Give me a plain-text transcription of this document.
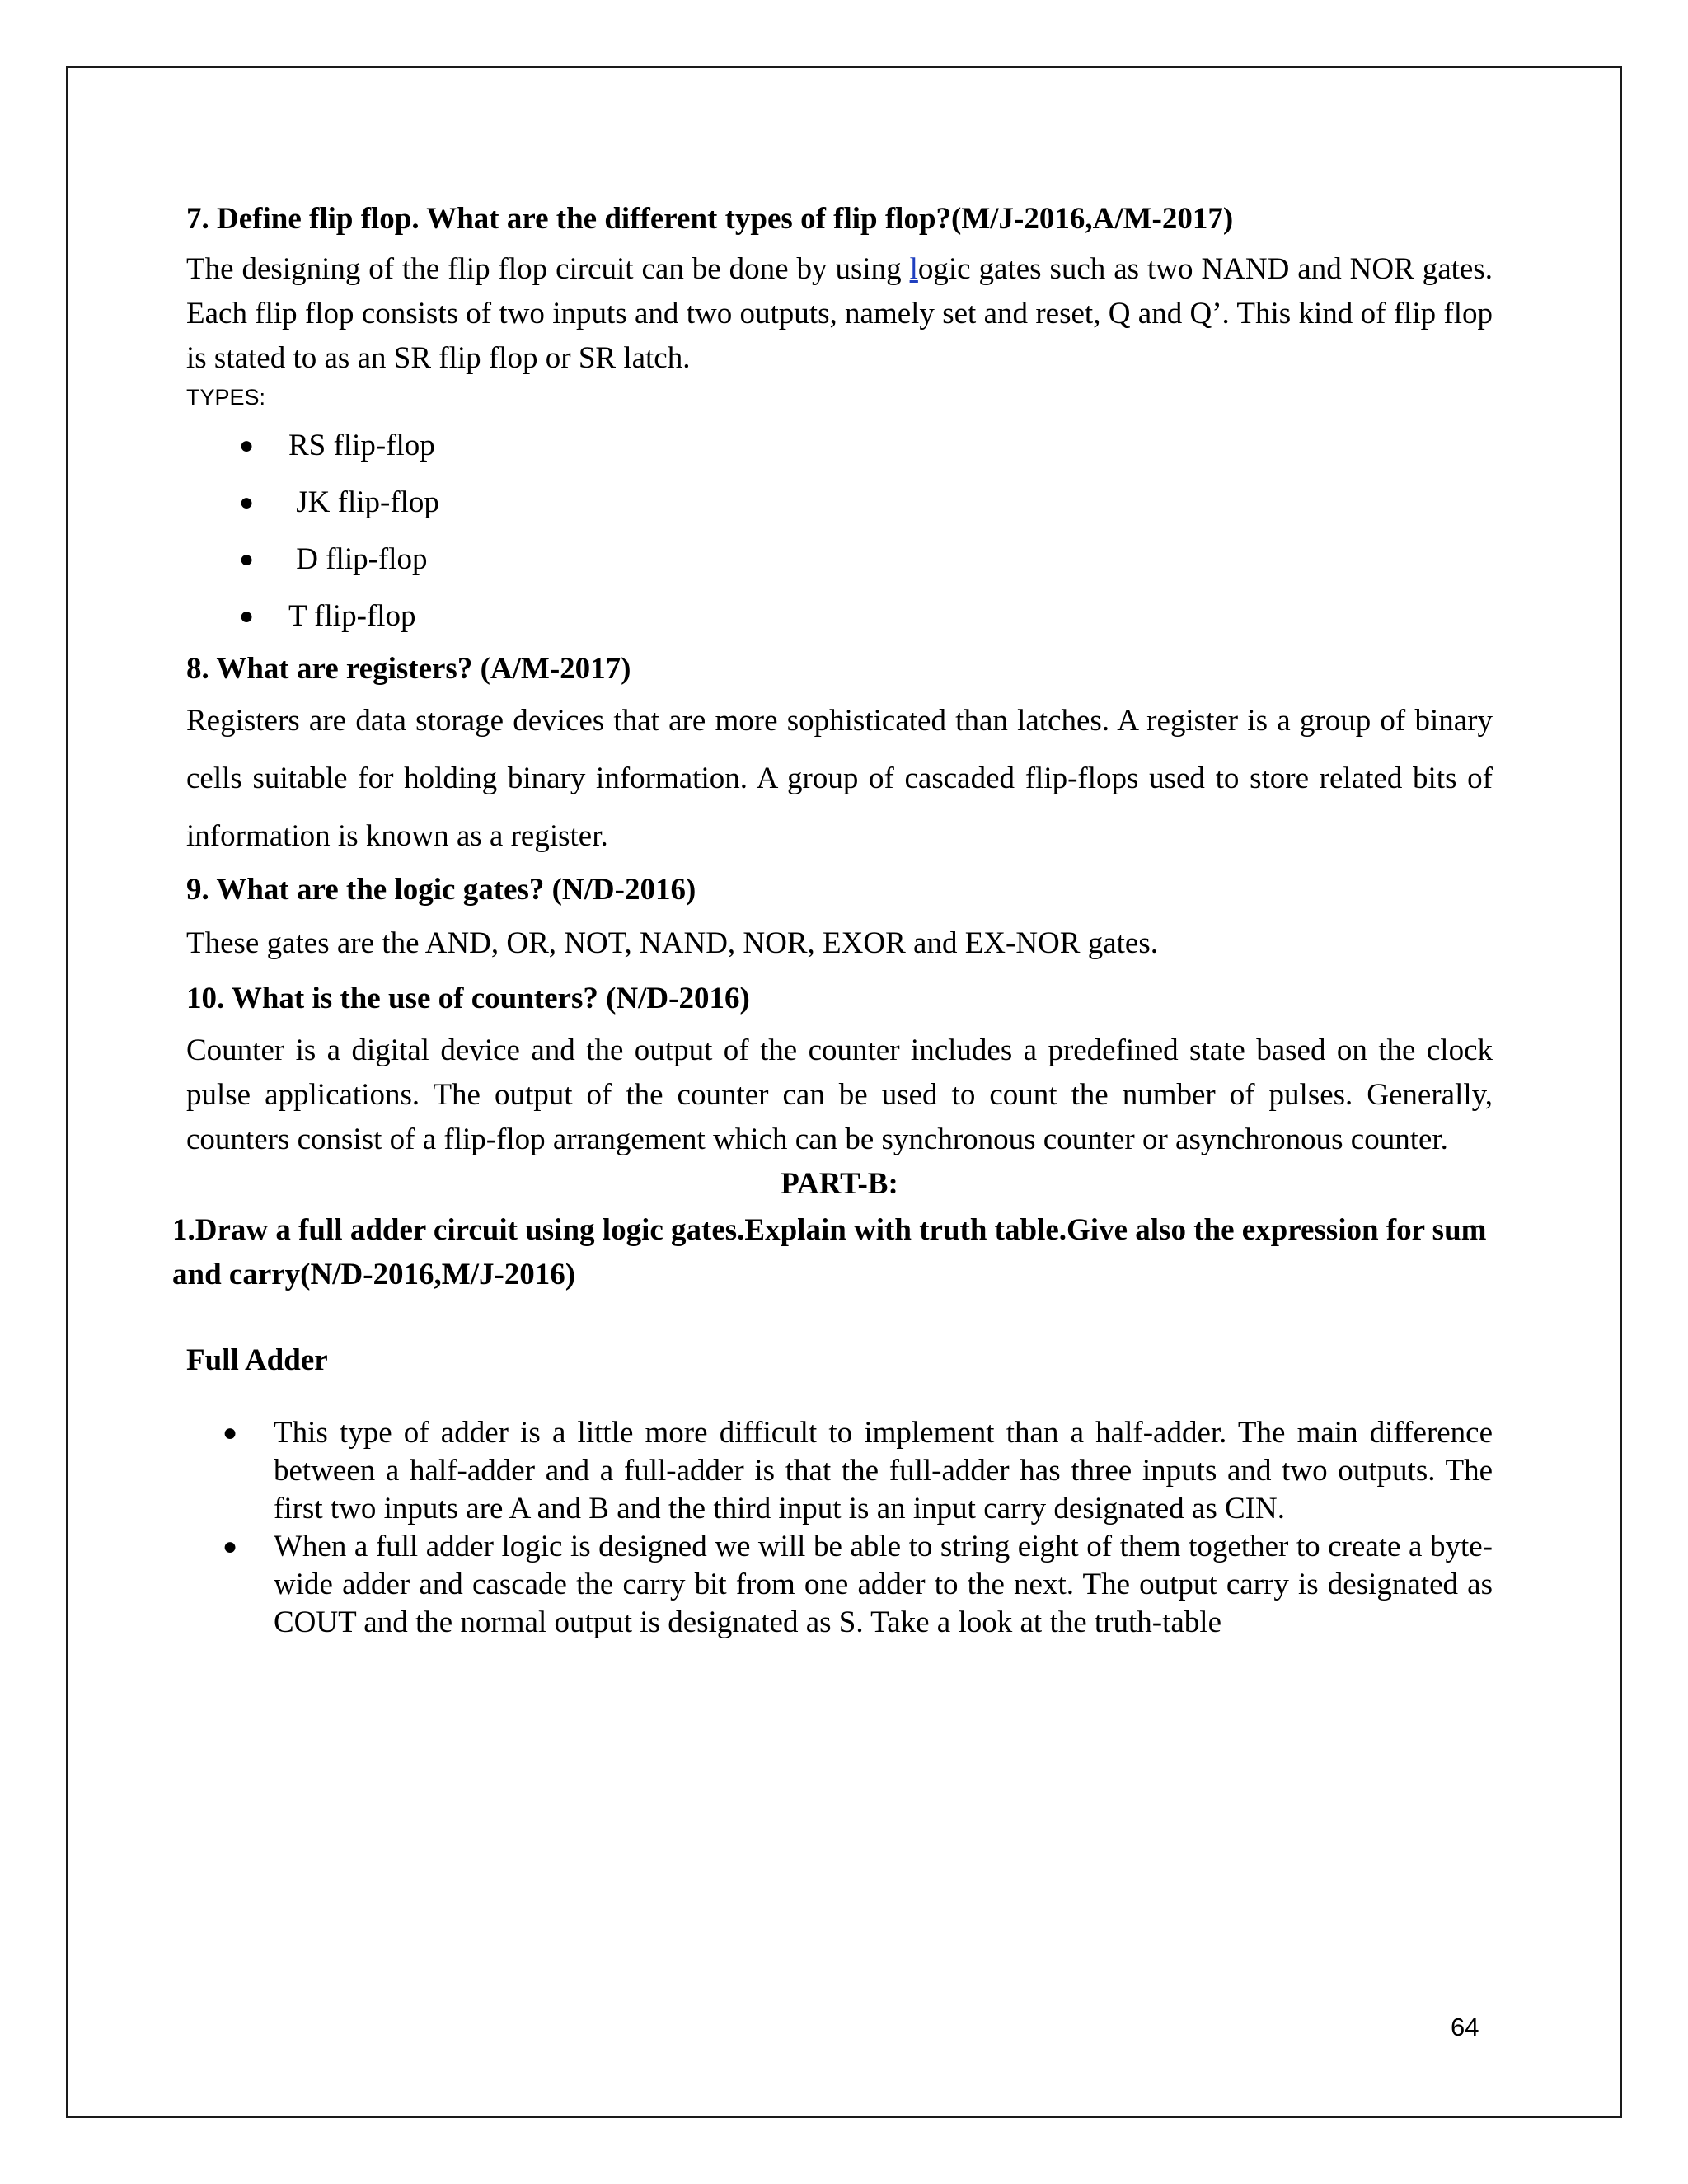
7. Define flip flop. What are the different types of flip flop?(M/J-2016,A/M-2017)

The designing of the flip flop circuit can be done by using logic gates such as two NAND and NOR gates. Each flip flop consists of two inputs and two outputs, namely set and reset, Q and Q’. This kind of flip flop is stated to as an SR flip flop or SR latch.

TYPES:

● RS flip-flop
● JK flip-flop
● D flip-flop
● T flip-flop

8. What are registers? (A/M-2017)

Registers are data storage devices that are more sophisticated than latches. A register is a group of binary cells suitable for holding binary information. A group of cascaded flip-flops used to store related bits of information is known as a register.

9. What are the logic gates? (N/D-2016)

These gates are the AND, OR, NOT, NAND, NOR, EXOR and EX-NOR gates.

10. What is the use of counters? (N/D-2016)

Counter is a digital device and the output of the counter includes a predefined state based on the clock pulse applications. The output of the counter can be used to count the number of pulses. Generally, counters consist of a flip-flop arrangement which can be synchronous counter or asynchronous counter.

PART-B:

1.Draw a full adder circuit using logic gates.Explain with truth table.Give also the expression for sum and carry(N/D-2016,M/J-2016)

Full Adder

● This type of adder is a little more difficult to implement than a half-adder. The main difference between a half-adder and a full-adder is that the full-adder has three inputs and two outputs. The first two inputs are A and B and the third input is an input carry designated as CIN.
● When a full adder logic is designed we will be able to string eight of them together to create a byte-wide adder and cascade the carry bit from one adder to the next. The output carry is designated as COUT and the normal output is designated as S. Take a look at the truth-table
64
